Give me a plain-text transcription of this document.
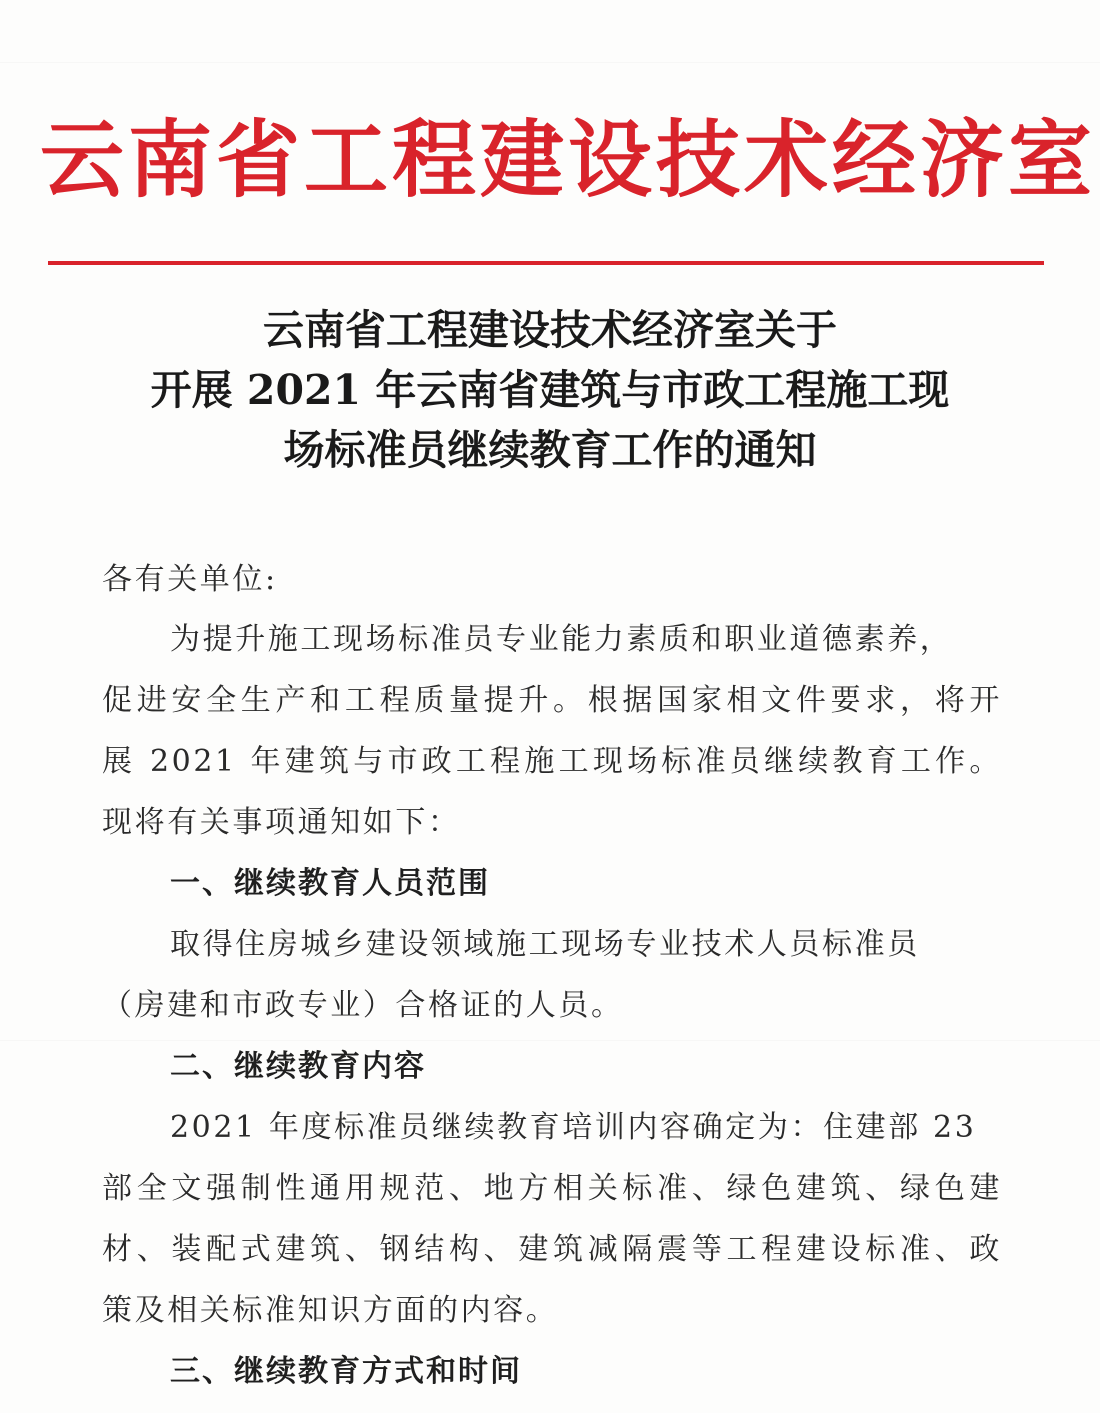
云南省工程建设技术经济室
云南省工程建设技术经济室关于
开展 2021 年云南省建筑与市政工程施工现
场标准员继续教育工作的通知
各有关单位:
为提升施工现场标准员专业能力素质和职业道德素养，
促进安全生产和工程质量提升。根据国家相文件要求，将开
展 2021 年建筑与市政工程施工现场标准员继续教育工作。
现将有关事项通知如下：
一、继续教育人员范围
取得住房城乡建设领域施工现场专业技术人员标准员
（房建和市政专业）合格证的人员。
二、继续教育内容
2021 年度标准员继续教育培训内容确定为：住建部 23
部全文强制性通用规范、地方相关标准、绿色建筑、绿色建
材、装配式建筑、钢结构、建筑减隔震等工程建设标准、政
策及相关标准知识方面的内容。
三、继续教育方式和时间
